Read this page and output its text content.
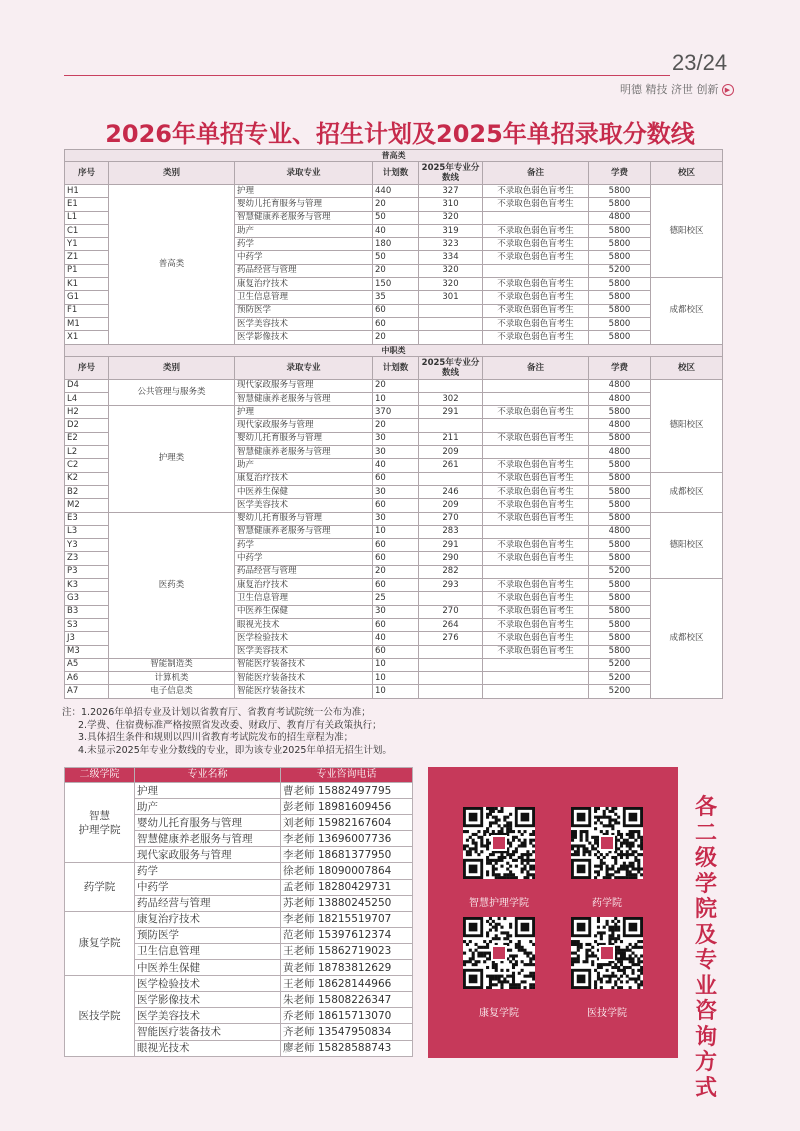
23/24
明德 精技 济世 创新 ▶
2026年单招专业、招生计划及2025年单招录取分数线
普高类							
序号	类别	录取专业	计划数	2025年专业分数线	备注	学费	校区
H1	普高类	护理	440	327	不录取色弱色盲考生	5800	德阳校区
E1		婴幼儿托育服务与管理	20	310	不录取色弱色盲考生	5800	
L1		智慧健康养老服务与管理	50	320		4800	
C1		助产	40	319	不录取色弱色盲考生	5800	
Y1		药学	180	323	不录取色弱色盲考生	5800	
Z1		中药学	50	334	不录取色弱色盲考生	5800	
P1		药品经营与管理	20	320		5200	
K1		康复治疗技术	150	320	不录取色弱色盲考生	5800	成都校区
G1		卫生信息管理	35	301	不录取色弱色盲考生	5800	
F1		预防医学	60		不录取色弱色盲考生	5800	
M1		医学美容技术	60		不录取色弱色盲考生	5800	
X1		医学影像技术	20		不录取色弱色盲考生	5800	
中职类							
序号	类别	录取专业	计划数	2025年专业分数线	备注	学费	校区
D4	公共管理与服务类	现代家政服务与管理	20			4800	德阳校区
L4		智慧健康养老服务与管理	10	302		4800	
H2	护理类	护理	370	291	不录取色弱色盲考生	5800	
D2		现代家政服务与管理	20			4800	
E2		婴幼儿托育服务与管理	30	211	不录取色弱色盲考生	5800	
L2		智慧健康养老服务与管理	30	209		4800	
C2		助产	40	261	不录取色弱色盲考生	5800	
K2		康复治疗技术	60		不录取色弱色盲考生	5800	成都校区
B2		中医养生保健	30	246	不录取色弱色盲考生	5800	
M2		医学美容技术	60	209	不录取色弱色盲考生	5800	
E3	医药类	婴幼儿托育服务与管理	30	270	不录取色弱色盲考生	5800	德阳校区
L3		智慧健康养老服务与管理	10	283		4800	
Y3		药学	60	291	不录取色弱色盲考生	5800	
Z3		中药学	60	290	不录取色弱色盲考生	5800	
P3		药品经营与管理	20	282		5200	
K3		康复治疗技术	60	293	不录取色弱色盲考生	5800	成都校区
G3		卫生信息管理	25		不录取色弱色盲考生	5800	
B3		中医养生保健	30	270	不录取色弱色盲考生	5800	
S3		眼视光技术	60	264	不录取色弱色盲考生	5800	
J3		医学检验技术	40	276	不录取色弱色盲考生	5800	
M3		医学美容技术	60		不录取色弱色盲考生	5800	
A5	智能制造类	智能医疗装备技术	10			5200	
A6	计算机类	智能医疗装备技术	10			5200	
A7	电子信息类	智能医疗装备技术	10			5200	
注：1.2026年单招专业及计划以省教育厅、省教育考试院统一公布为准；
2.学费、住宿费标准严格按照省发改委、财政厅、教育厅有关政策执行；
3.具体招生条件和规则以四川省教育考试院发布的招生章程为准；
4.未显示2025年专业分数线的专业，即为该专业2025年单招无招生计划。
二级学院	专业名称	专业咨询电话
智慧
护理学院	护理	曹老师 15882497795
	助产	彭老师 18981609456
	婴幼儿托育服务与管理	刘老师 15982167604
	智慧健康养老服务与管理	李老师 13696007736
	现代家政服务与管理	李老师 18681377950
药学院	药学	徐老师 18090007864
	中药学	孟老师 18280429731
	药品经营与管理	苏老师 13880245250
康复学院	康复治疗技术	李老师 18215519707
	预防医学	范老师 15397612374
	卫生信息管理	王老师 15862719023
	中医养生保健	黄老师 18783812629
医技学院	医学检验技术	王老师 18628144966
	医学影像技术	朱老师 15808226347
	医学美容技术	乔老师 18615713070
	智能医疗装备技术	齐老师 13547950834
	眼视光技术	廖老师 15828588743
智慧护理学院	药学院
康复学院	医技学院
各
二
级
学
院
及
专
业
咨
询
方
式
